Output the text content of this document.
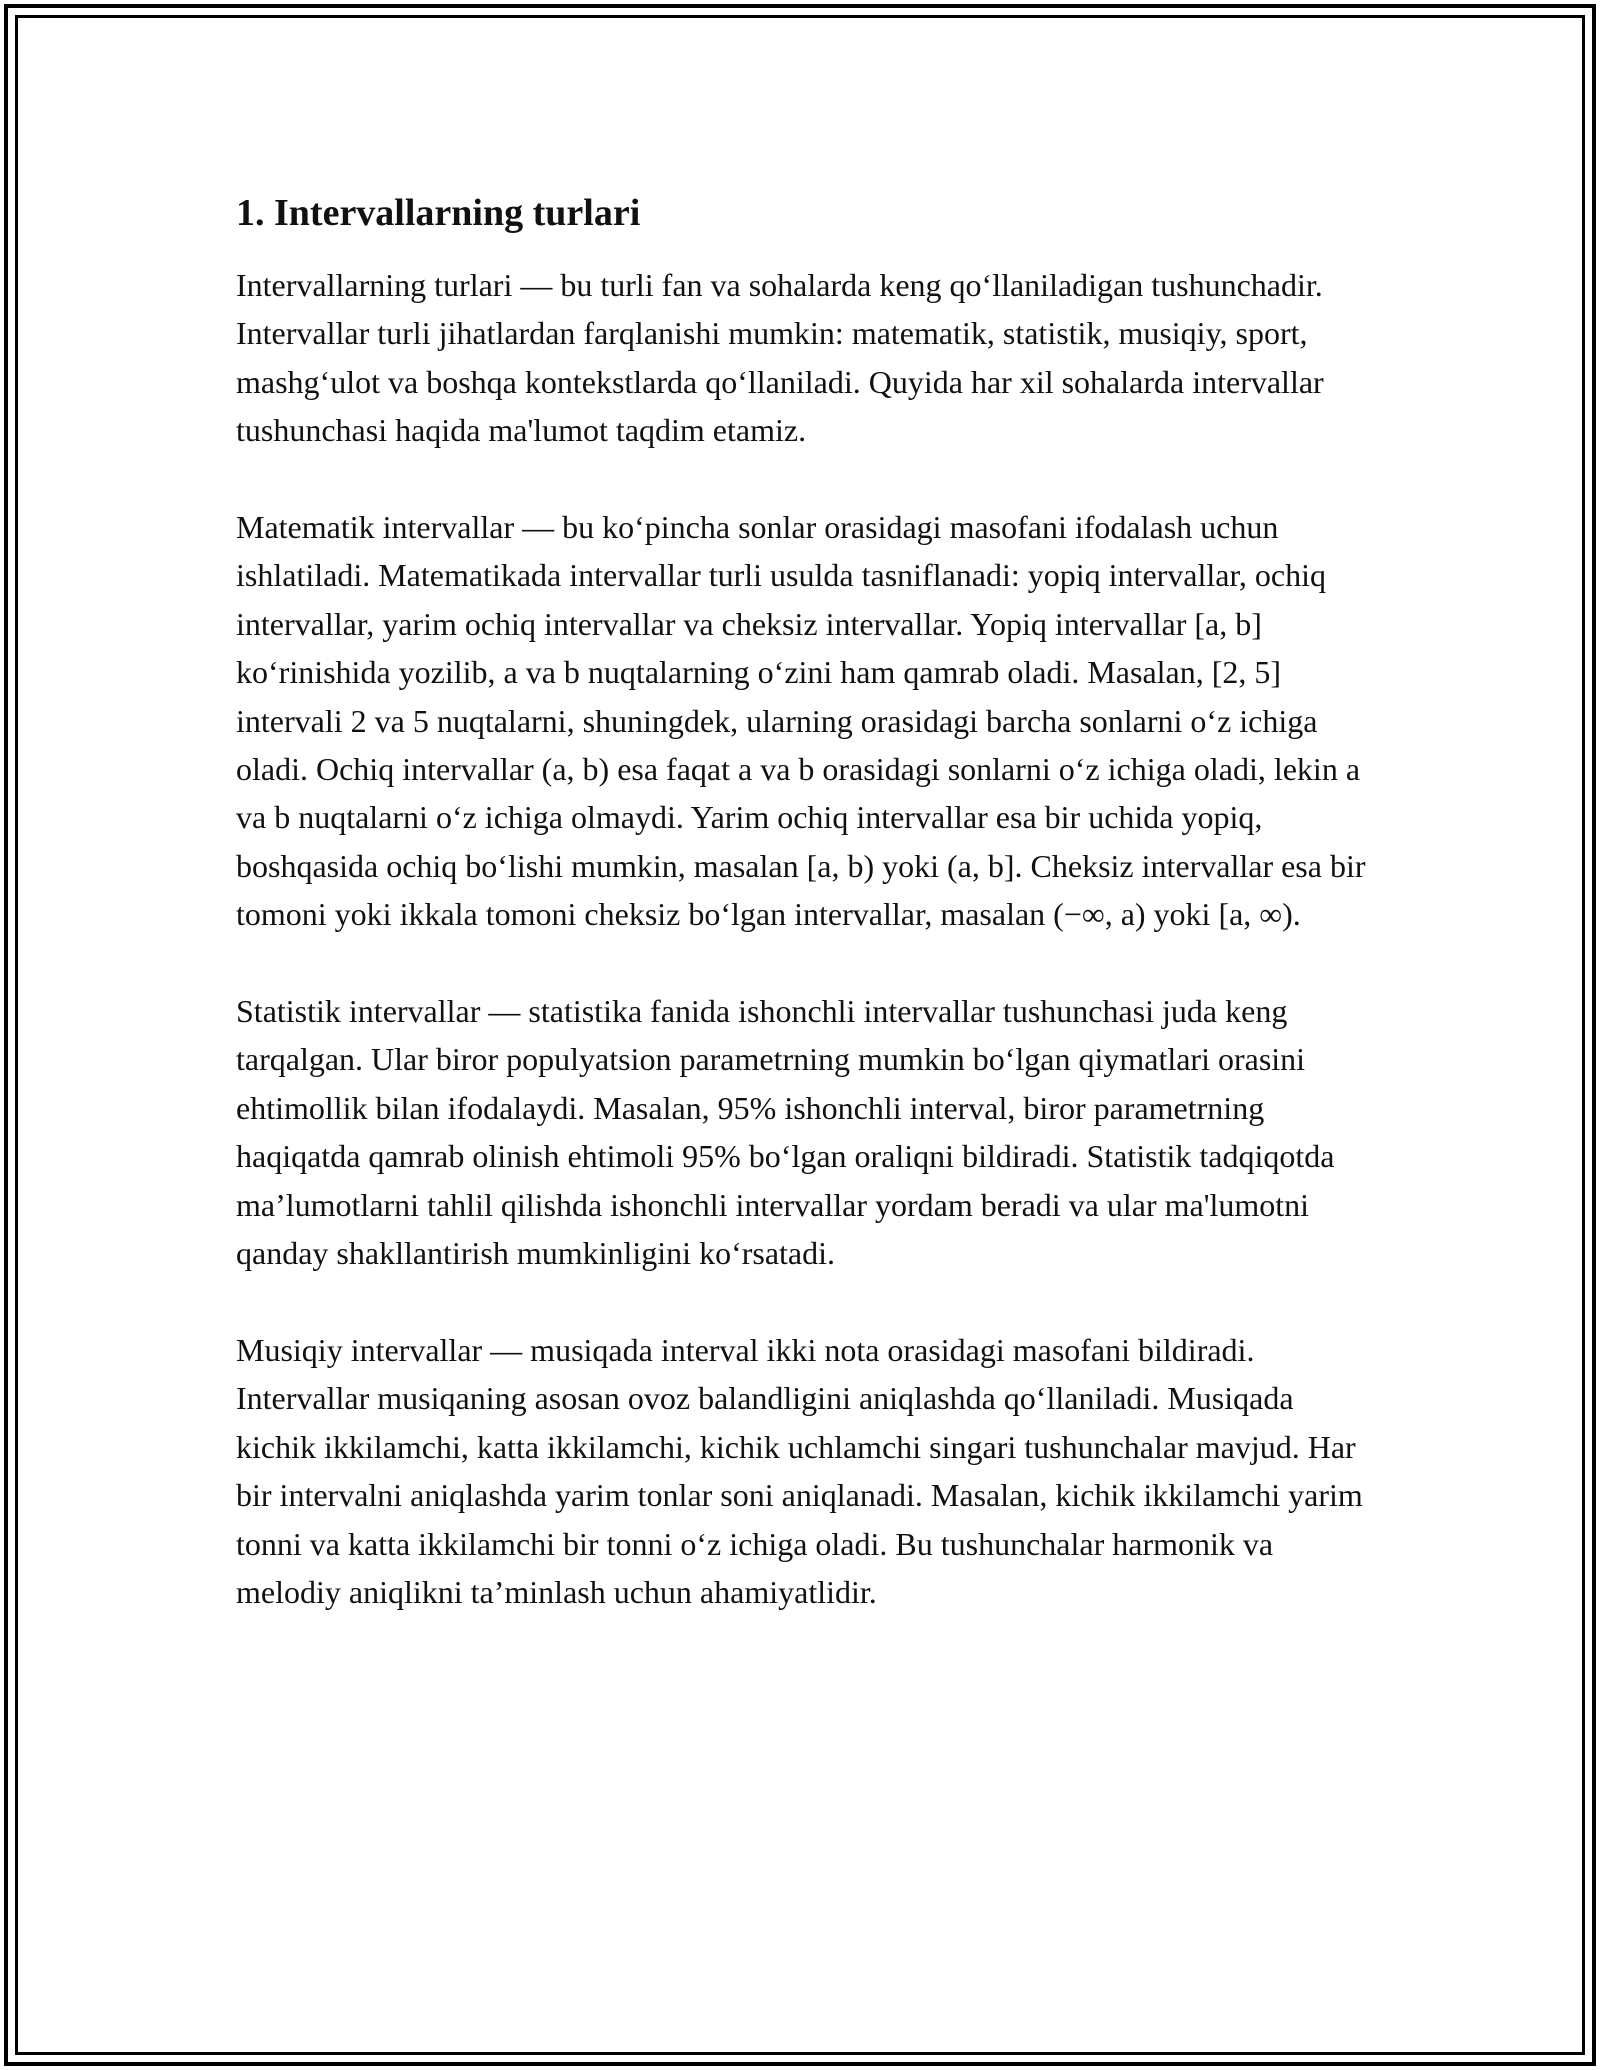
1. Intervallarning turlari

Intervallarning turlari — bu turli fan va sohalarda keng qo‘llaniladigan tushunchadir. Intervallar turli jihatlardan farqlanishi mumkin: matematik, statistik, musiqiy, sport, mashg‘ulot va boshqa kontekstlarda qo‘llaniladi. Quyida har xil sohalarda intervallar tushunchasi haqida ma'lumot taqdim etamiz.

Matematik intervallar — bu ko‘pincha sonlar orasidagi masofani ifodalash uchun ishlatiladi. Matematikada intervallar turli usulda tasniflanadi: yopiq intervallar, ochiq intervallar, yarim ochiq intervallar va cheksiz intervallar. Yopiq intervallar [a, b] ko‘rinishida yozilib, a va b nuqtalarning o‘zini ham qamrab oladi. Masalan, [2, 5] intervali 2 va 5 nuqtalarni, shuningdek, ularning orasidagi barcha sonlarni o‘z ichiga oladi. Ochiq intervallar (a, b) esa faqat a va b orasidagi sonlarni o‘z ichiga oladi, lekin a va b nuqtalarni o‘z ichiga olmaydi. Yarim ochiq intervallar esa bir uchida yopiq, boshqasida ochiq bo‘lishi mumkin, masalan [a, b) yoki (a, b]. Cheksiz intervallar esa bir tomoni yoki ikkala tomoni cheksiz bo‘lgan intervallar, masalan (−∞, a) yoki [a, ∞).

Statistik intervallar — statistika fanida ishonchli intervallar tushunchasi juda keng tarqalgan. Ular biror populyatsion parametrning mumkin bo‘lgan qiymatlari orasini ehtimollik bilan ifodalaydi. Masalan, 95% ishonchli interval, biror parametrning haqiqatda qamrab olinish ehtimoli 95% bo‘lgan oraliqni bildiradi. Statistik tadqiqotda ma’lumotlarni tahlil qilishda ishonchli intervallar yordam beradi va ular ma'lumotni qanday shakllantirish mumkinligini ko‘rsatadi.

Musiqiy intervallar — musiqada interval ikki nota orasidagi masofani bildiradi. Intervallar musiqaning asosan ovoz balandligini aniqlashda qo‘llaniladi. Musiqada kichik ikkilamchi, katta ikkilamchi, kichik uchlamchi singari tushunchalar mavjud. Har bir intervalni aniqlashda yarim tonlar soni aniqlanadi. Masalan, kichik ikkilamchi yarim tonni va katta ikkilamchi bir tonni o‘z ichiga oladi. Bu tushunchalar harmonik va melodiy aniqlikni ta’minlash uchun ahamiyatlidir.
